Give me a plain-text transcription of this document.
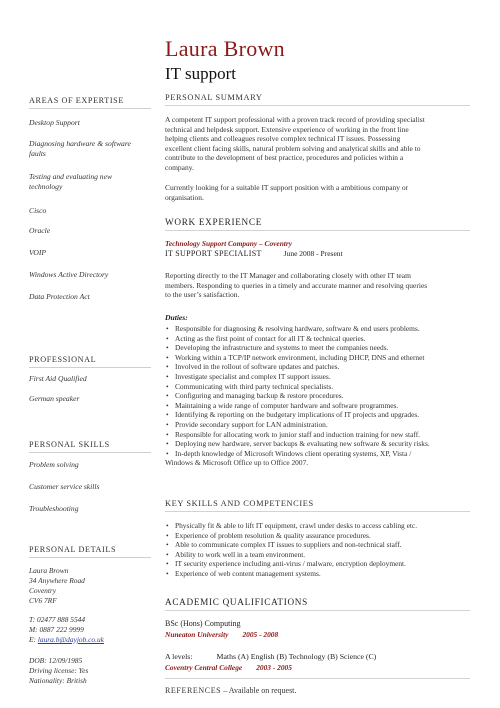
Laura Brown
IT support
AREAS OF EXPERTISE
Desktop Support
Diagnosing hardware & software faults
Testing and evaluating new technology
Cisco
Oracle
VOIP
Windows Active Directory
Data Protection Act
PROFESSIONAL
First Aid Qualified
German speaker
PERSONAL SKILLS
Problem solving
Customer service skills
Troubleshooting
PERSONAL DETAILS
Laura Brown
34 Anywhere Road
Coventry
CV6 7RF
T: 02477 888 5544
M: 0887 222 9999
E: laura.b@dayjob.co.uk
DOB: 12/09/1985
Driving license: Yes
Nationality: British
PERSONAL SUMMARY
A competent IT support professional with a proven track record of providing specialist
technical and helpdesk support. Extensive experience of working in the front line
helping clients and colleagues resolve complex technical IT issues. Possessing
excellent client facing skills, natural problem solving and analytical skills and able to
contribute to the development of best practice, procedures and policies within a
company.
Currently looking for a suitable IT support position with a ambitious company or
organisation.
WORK EXPERIENCE
Technology Support Company – Coventry
IT SUPPORT SPECIALIST	June 2008 - Present
Reporting directly to the IT Manager and collaborating closely with other IT team
members. Responding to queries in a timely and accurate manner and resolving queries
to the user’s satisfaction.
Duties:
• Responsible for diagnosing & resolving hardware, software & end users problems.
• Acting as the first point of contact for all IT & technical queries.
• Developing the infrastructure and systems to meet the companies needs.
• Working within a TCP/IP network environment, including DHCP, DNS and ethernet
• Involved in the rollout of software updates and patches.
• Investigate specialist and complex IT support issues.
• Communicating with third party technical specialists.
• Configuring and managing backup & restore procedures.
• Maintaining a wide range of computer hardware and software programmes.
• Identifying & reporting on the budgetary implications of IT projects and upgrades.
• Provide secondary support for LAN administration.
• Responsible for allocating work to junior staff and induction training for new staff.
• Deploying new hardware, server backups & evaluating new software & security risks.
• In-depth knowledge of Microsoft Windows client operating systems, XP, Vista /
Windows & Microsoft Office up to Office 2007.
KEY SKILLS AND COMPETENCIES
• Physically fit & able to lift IT equipment, crawl under desks to access cabling etc.
• Experience of problem resolution & quality assurance procedures.
• Able to communicate complex IT issues to suppliers and non-technical staff.
• Ability to work well in a team environment.
• IT security experience including anti-virus / malware, encryption deployment.
• Experience of web content management systems.
ACADEMIC QUALIFICATIONS
BSc (Hons) Computing
Nuneaton University 2005 - 2008
A levels:	Maths (A) English (B) Technology (B) Science (C)
Coventry Central College 2003 - 2005
REFERENCES – Available on request.
